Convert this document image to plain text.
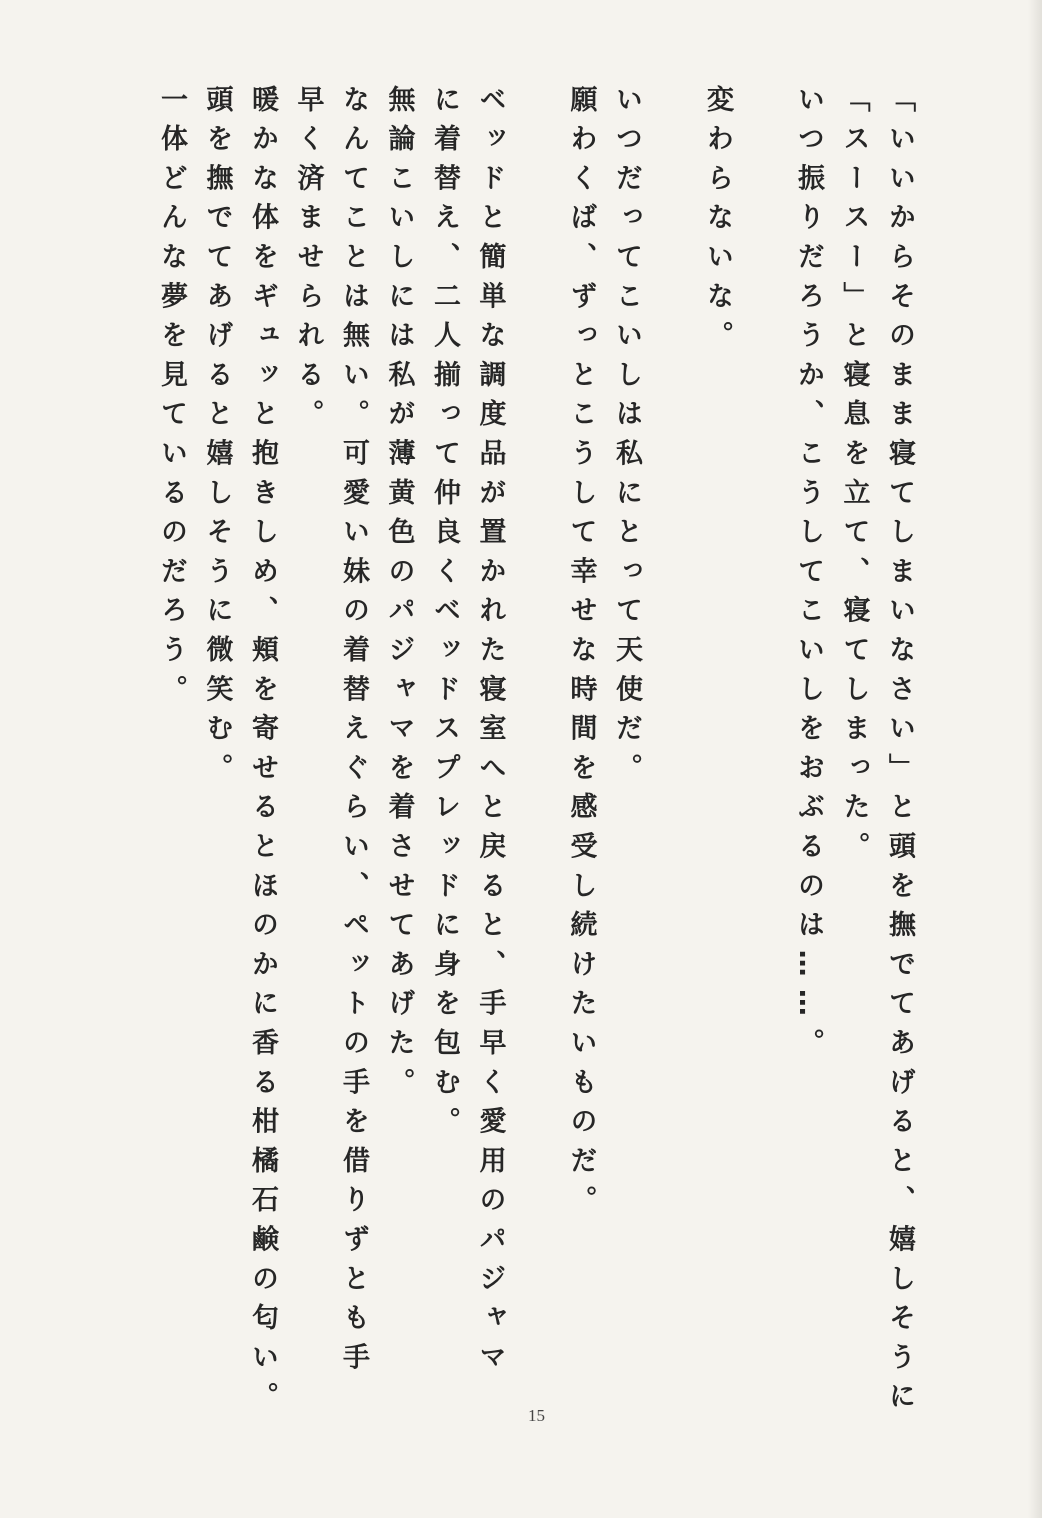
「いいからそのまま寝てしまいなさい」と頭を撫でてあげると、嬉しそうに
「スースー」と寝息を立て、寝てしまった。
いつ振りだろうか、こうしてこいしをおぶるのは……。
変わらないな。
いつだってこいしは私にとって天使だ。
願わくば、ずっとこうして幸せな時間を感受し続けたいものだ。
ベッドと簡単な調度品が置かれた寝室へと戻ると、手早く愛用のパジャマ
に着替え、二人揃って仲良くベッドスプレッドに身を包む。
無論こいしには私が薄黄色のパジャマを着させてあげた。
なんてことは無い。可愛い妹の着替えぐらい、ペットの手を借りずとも手
早く済ませられる。
暖かな体をギュッと抱きしめ、頬を寄せるとほのかに香る柑橘石鹸の匂い。
頭を撫でてあげると嬉しそうに微笑む。
一体どんな夢を見ているのだろう。
15
